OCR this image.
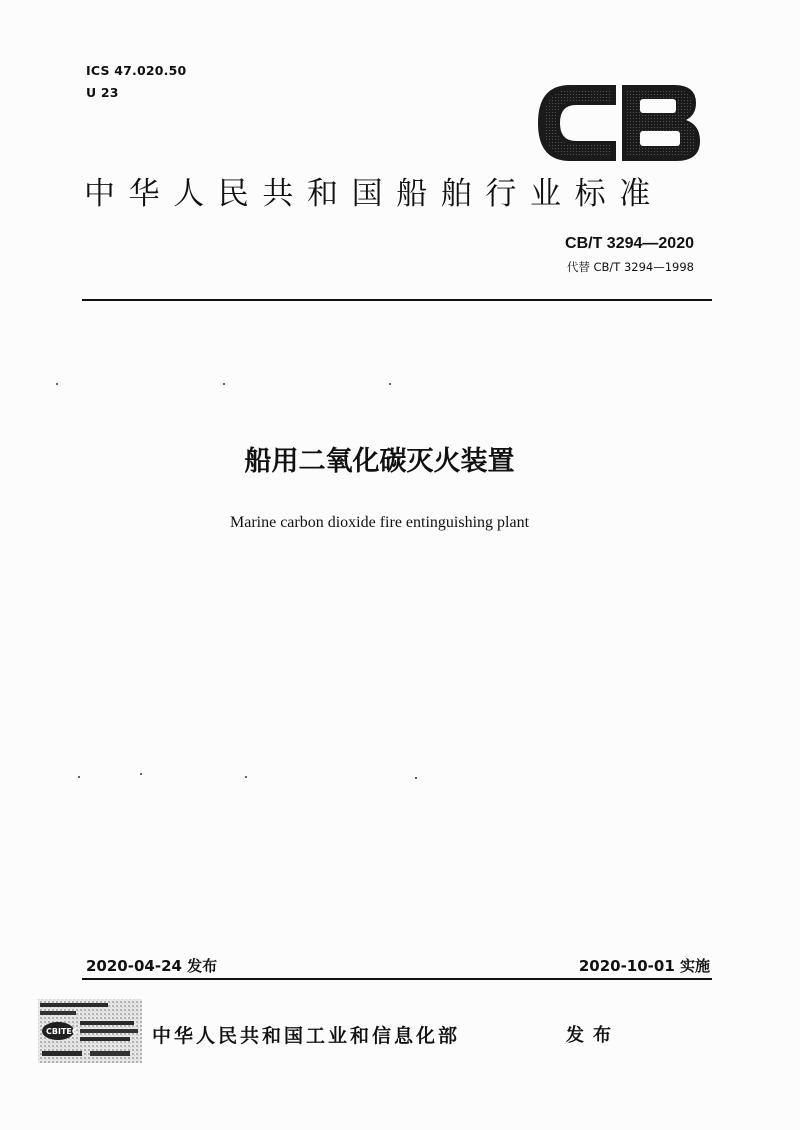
ICS 47.020.50
U 23
中华人民共和国船舶行业标准
CB/T 3294—2020
代替 CB/T 3294—1998
船用二氧化碳灭火装置
Marine carbon dioxide fire entinguishing plant
2020-04-24 发布	2020-10-01 实施
CBITEC	中华人民共和国工业和信息化部	发布
